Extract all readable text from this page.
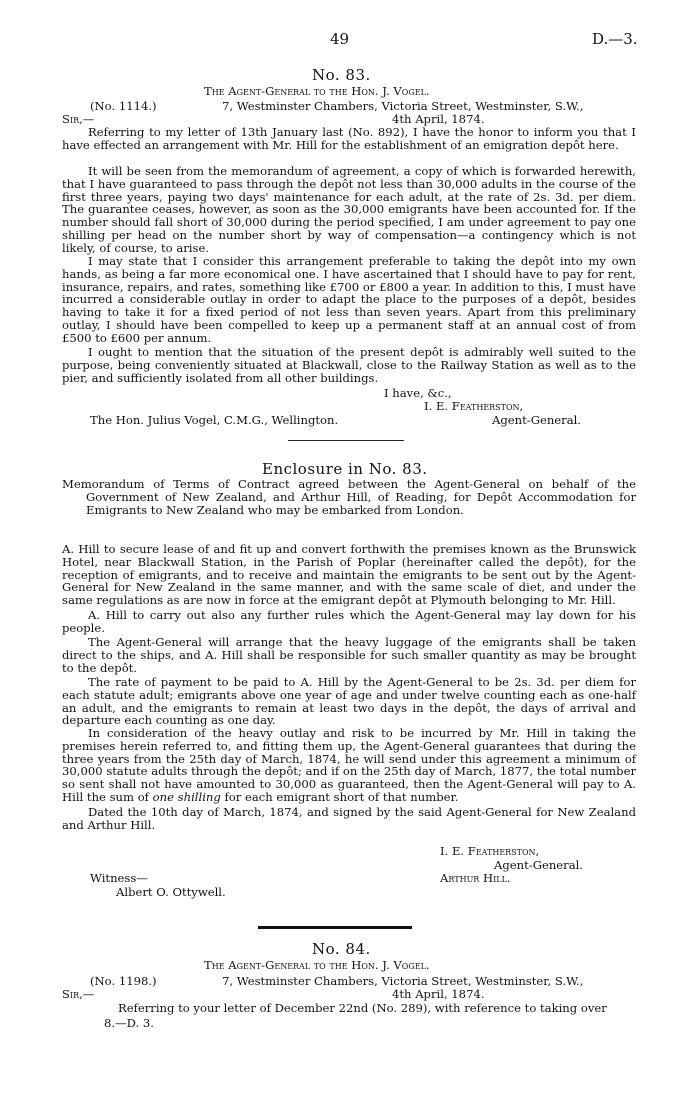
49	D.—3.
No. 83.
The Agent-General to the Hon. J. Vogel.
(No. 1114.)	7, Westminster Chambers, Victoria Street, Westminster, S.W.,
Sir,—	4th April, 1874.
Referring to my letter of 13th January last (No. 892), I have the honor to inform you that I have effected an arrangement with Mr. Hill for the establishment of an emigration depôt here.
It will be seen from the memorandum of agreement, a copy of which is forwarded herewith, that I have guaranteed to pass through the depôt not less than 30,000 adults in the course of the first three years, paying two days' maintenance for each adult, at the rate of 2s. 3d. per diem. The guarantee ceases, however, as soon as the 30,000 emigrants have been accounted for. If the number should fall short of 30,000 during the period specified, I am under agreement to pay one shilling per head on the number short by way of compensation—a contingency which is not likely, of course, to arise.
I may state that I consider this arrangement preferable to taking the depôt into my own hands, as being a far more economical one. I have ascertained that I should have to pay for rent, insurance, repairs, and rates, something like £700 or £800 a year. In addition to this, I must have incurred a considerable outlay in order to adapt the place to the purposes of a depôt, besides having to take it for a fixed period of not less than seven years. Apart from this preliminary outlay, I should have been compelled to keep up a permanent staff at an annual cost of from £500 to £600 per annum.
I ought to mention that the situation of the present depôt is admirably well suited to the purpose, being conveniently situated at Blackwall, close to the Railway Station as well as to the pier, and sufficiently isolated from all other buildings.
I have, &c.,
I. E. Featherston,
The Hon. Julius Vogel, C.M.G., Wellington.	Agent-General.
Enclosure in No. 83.
Memorandum of Terms of Contract agreed between the Agent-General on behalf of the Government of New Zealand, and Arthur Hill, of Reading, for Depôt Accommodation for Emigrants to New Zealand who may be embarked from London.
A. Hill to secure lease of and fit up and convert forthwith the premises known as the Brunswick Hotel, near Blackwall Station, in the Parish of Poplar (hereinafter called the depôt), for the reception of emigrants, and to receive and maintain the emigrants to be sent out by the Agent-General for New Zealand in the same manner, and with the same scale of diet, and under the same regulations as are now in force at the emigrant depôt at Plymouth belonging to Mr. Hill.
A. Hill to carry out also any further rules which the Agent-General may lay down for his people.
The Agent-General will arrange that the heavy luggage of the emigrants shall be taken direct to the ships, and A. Hill shall be responsible for such smaller quantity as may be brought to the depôt.
The rate of payment to be paid to A. Hill by the Agent-General to be 2s. 3d. per diem for each statute adult; emigrants above one year of age and under twelve counting each as one-half an adult, and the emigrants to remain at least two days in the depôt, the days of arrival and departure each counting as one day.
In consideration of the heavy outlay and risk to be incurred by Mr. Hill in taking the premises herein referred to, and fitting them up, the Agent-General guarantees that during the three years from the 25th day of March, 1874, he will send under this agreement a minimum of 30,000 statute adults through the depôt; and if on the 25th day of March, 1877, the total number so sent shall not have amounted to 30,000 as guaranteed, then the Agent-General will pay to A. Hill the sum of one shilling for each emigrant short of that number.
Dated the 10th day of March, 1874, and signed by the said Agent-General for New Zealand and Arthur Hill.
I. E. Featherston,
Agent-General.
Witness—	Arthur Hill.
Albert O. Ottywell.
No. 84.
The Agent-General to the Hon. J. Vogel.
(No. 1198.)	7, Westminster Chambers, Victoria Street, Westminster, S.W.,
Sir,—	4th April, 1874.
Referring to your letter of December 22nd (No. 289), with reference to taking over
8.—D. 3.
